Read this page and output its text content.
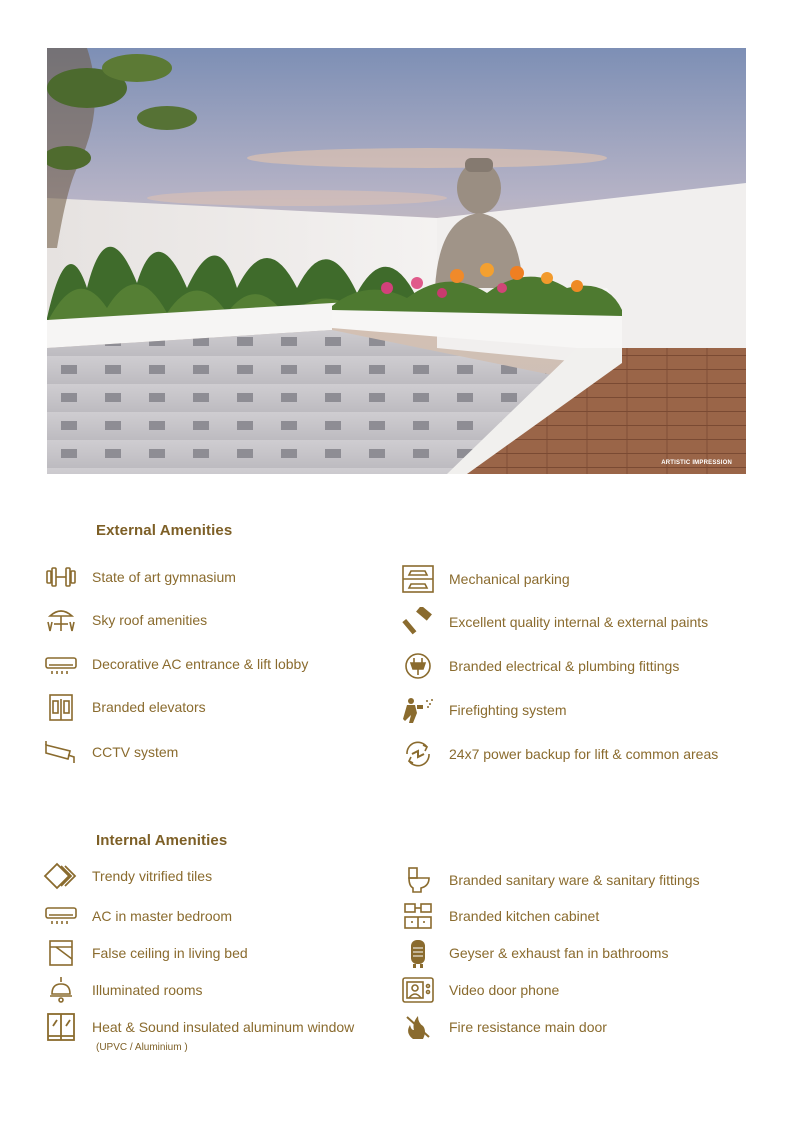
ARTISTIC IMPRESSION
External Amenities
State of art gymnasium
Sky roof amenities
Decorative AC entrance & lift lobby
Branded elevators
CCTV system
Mechanical parking
Excellent quality internal & external paints
Branded electrical & plumbing fittings
Firefighting system
24x7 power backup for lift & common areas
Internal Amenities
Trendy vitrified tiles
AC in master bedroom
False ceiling in living bed
Illuminated rooms
Heat & Sound insulated aluminum window
(UPVC / Aluminium )
Branded sanitary ware & sanitary fittings
Branded kitchen cabinet
Geyser & exhaust fan in bathrooms
Video door phone
Fire resistance main door
